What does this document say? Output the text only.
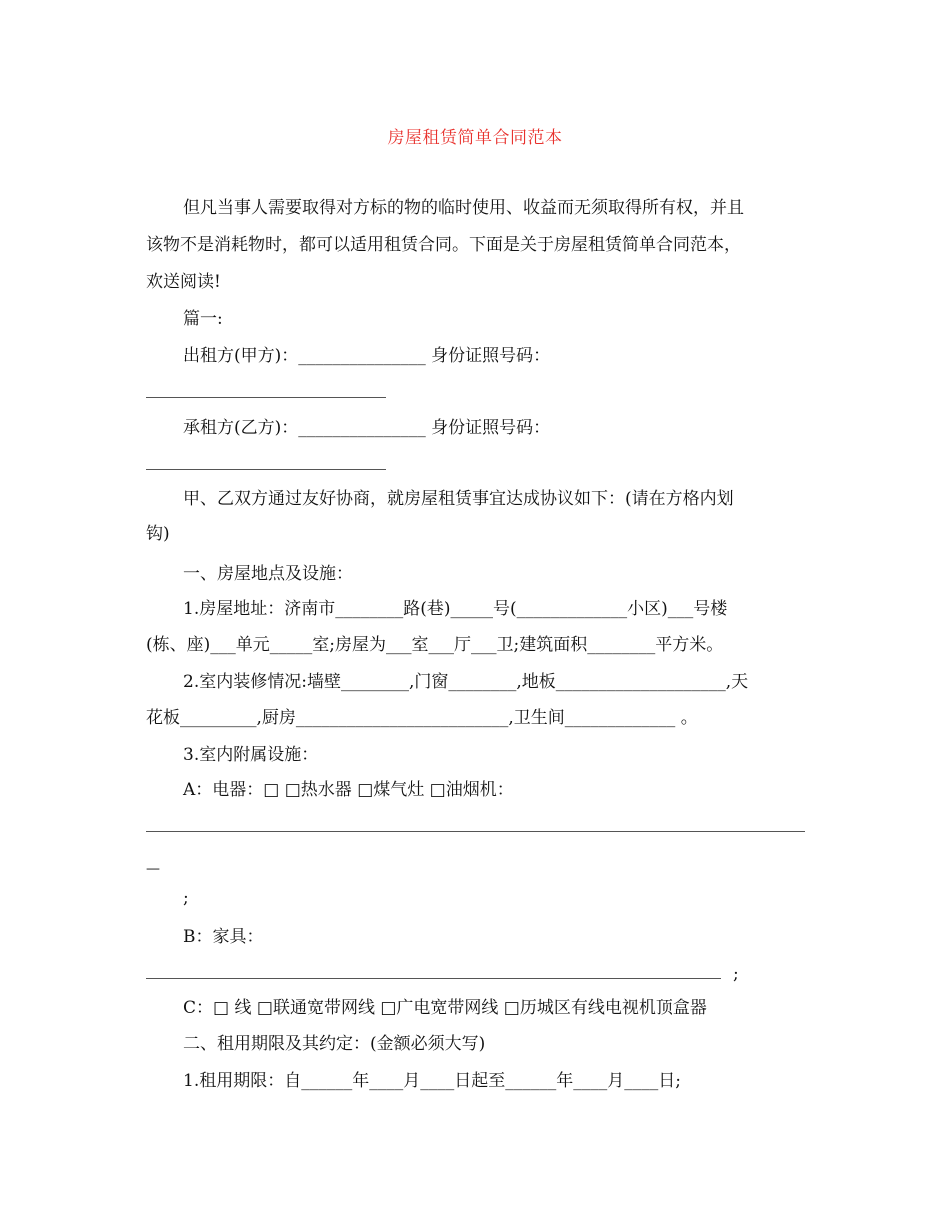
房屋租赁简单合同范本
但凡当事人需要取得对方标的物的临时使用、收益而无须取得所有权，并且
该物不是消耗物时，都可以适用租赁合同。下面是关于房屋租赁简单合同范本，
欢送阅读!
篇一:
出租方(甲方)：_______________ 身份证照号码：
承租方(乙方)：_______________ 身份证照号码：
甲、乙双方通过友好协商，就房屋租赁事宜达成协议如下：(请在方格内划
钩)
一、房屋地点及设施：
1.房屋地址：济南市________路(巷)_____号(_____________小区)___号楼
(栋、座)___单元_____室;房屋为___室___厅___卫;建筑面积________平方米。
2.室内装修情况:墙壁________,门窗________,地板____________________,天
花板_________,厨房_________________________,卫生间_____________ 。
3.室内附属设施：
A：电器：□ □热水器 □煤气灶 □油烟机：
—
;
B：家具：
;
C：□ 线 □联通宽带网线 □广电宽带网线 □历城区有线电视机顶盒器
二、租用期限及其约定：(金额必须大写)
1.租用期限：自______年____月____日起至______年____月____日;
